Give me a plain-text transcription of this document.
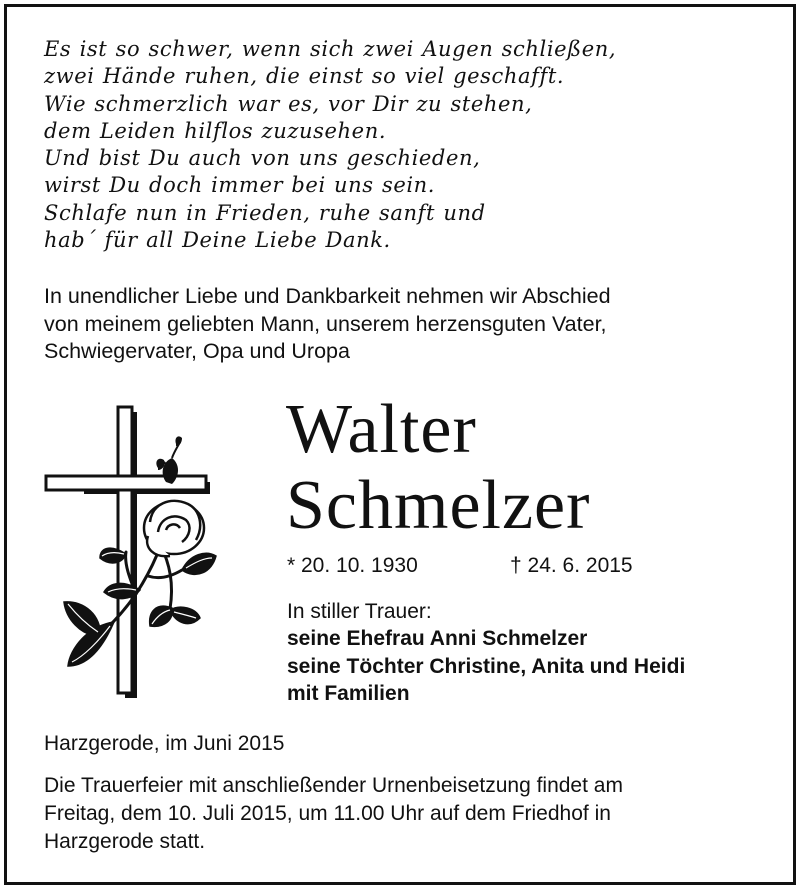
Es ist so schwer, wenn sich zwei Augen schließen,
zwei Hände ruhen, die einst so viel geschafft.
Wie schmerzlich war es, vor Dir zu stehen,
dem Leiden hilflos zuzusehen.
Und bist Du auch von uns geschieden,
wirst Du doch immer bei uns sein.
Schlafe nun in Frieden, ruhe sanft und
hab´ für all Deine Liebe Dank.
In unendlicher Liebe und Dankbarkeit nehmen wir Abschied
von meinem geliebten Mann, unserem herzensguten Vater,
Schwiegervater, Opa und Uropa
Walter
Schmelzer
* 20. 10. 1930	† 24. 6. 2015
In stiller Trauer:
seine Ehefrau Anni Schmelzer
seine Töchter Christine, Anita und Heidi
mit Familien
Harzgerode, im Juni 2015
Die Trauerfeier mit anschließender Urnenbeisetzung findet am
Freitag, dem 10. Juli 2015, um 11.00 Uhr auf dem Friedhof in
Harzgerode statt.
